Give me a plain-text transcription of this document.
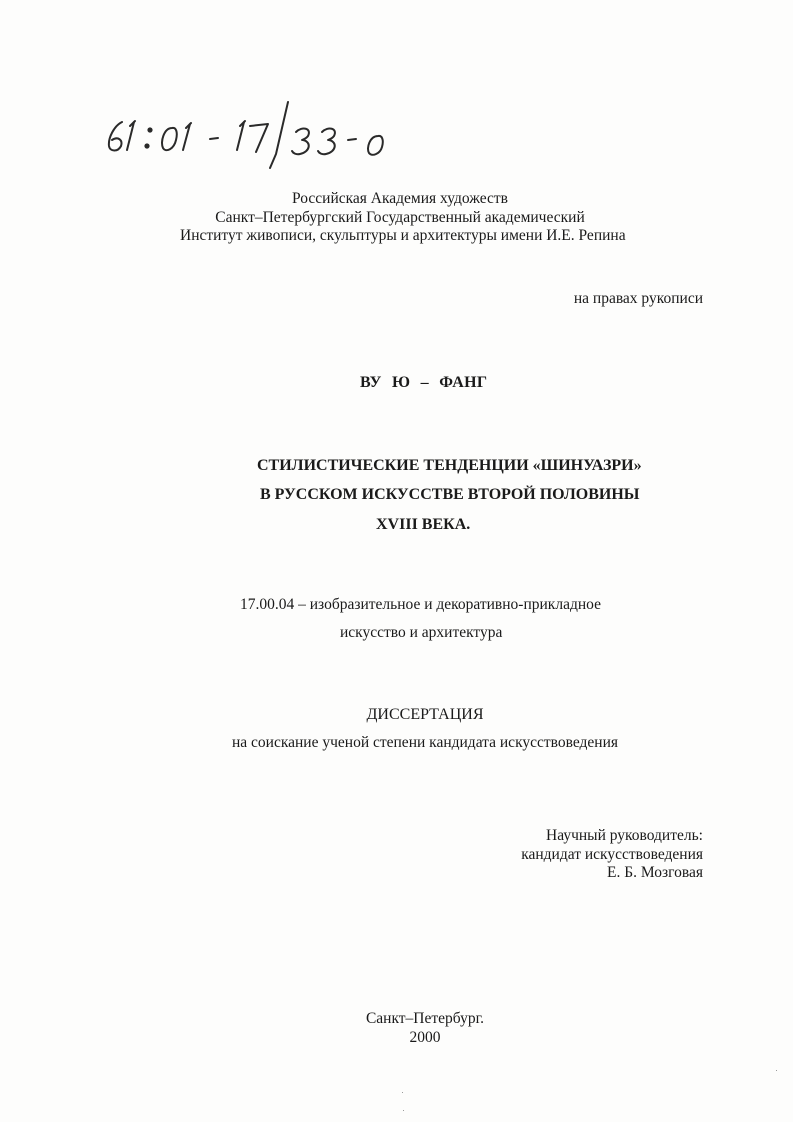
Российская Академия художеств
Санкт–Петербургский Государственный академический
Институт живописи, скульптуры и архитектуры имени И.Е. Репина
на правах рукописи
ВУ Ю – ФАНГ
СТИЛИСТИЧЕСКИЕ ТЕНДЕНЦИИ «ШИНУАЗРИ»
В РУССКОМ ИСКУССТВЕ ВТОРОЙ ПОЛОВИНЫ
XVIII ВЕКА.
17.00.04 – изобразительное и декоративно-прикладное
искусство и архитектура
ДИССЕРТАЦИЯ
на соискание ученой степени кандидата искусствоведения
Научный руководитель:
кандидат искусствоведения
Е. Б. Мозговая
Санкт–Петербург.
2000
